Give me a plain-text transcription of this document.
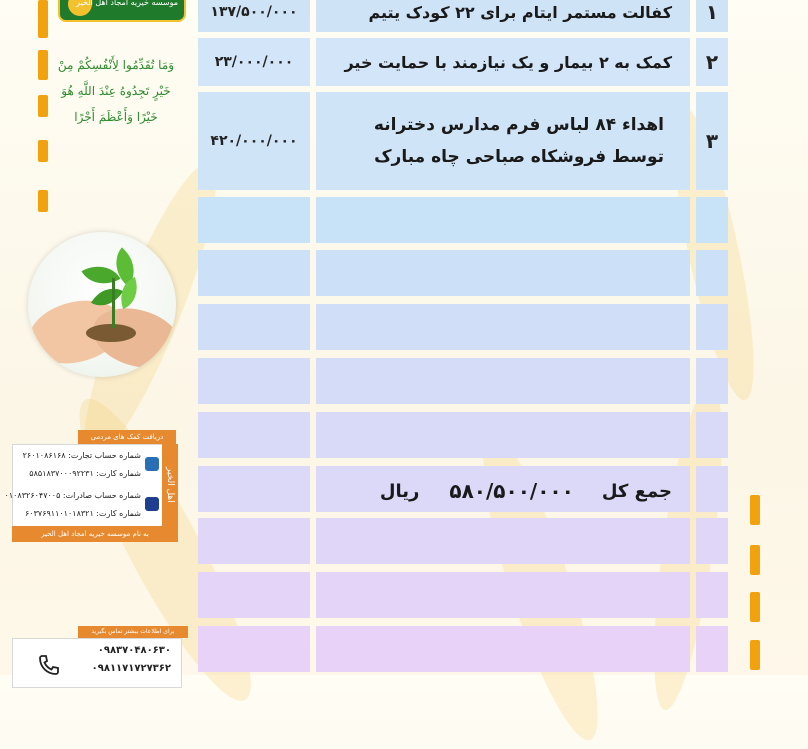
موسسه خیریه امجاد اهل الخیر
وَمَا تُقَدِّمُوا لِأَنْفُسِكُمْ مِنْ
خَيْرٍ تَجِدُوهُ عِنْدَ اللَّهِ هُوَ
خَيْرًا وَأَعْظَمَ أَجْرًا
دریافت کمک های مردمی
شماره حساب تجارت: ۲۶۰۱۰۸۶۱۶۸
شماره کارت: ۵۸۵۱۸۳۷۰۰۰۹۲۲۳۱
شماره حساب صادرات: ۰۱۰۸۳۲۶۰۴۷۰۰۵
شماره کارت: ۶۰۳۷۶۹۱۱۰۱۰۱۸۳۲۱
اهل الخیر
به نام موسسه خیریه امجاد اهل الخیر
برای اطلاعات بیشتر تماس بگیرید
۰۹۸۳۷۰۴۸۰۶۳۰
۰۹۸۱۱۷۱۷۲۷۳۶۲
۱
کفالت مستمر ایتام برای ۲۲ کودک یتیم
۱۳۷/۵۰۰/۰۰۰
۲
کمک به ۲ بیمار و یک نیازمند با حمایت خیر
۲۳/۰۰۰/۰۰۰
۳
اهداء ۸۴ لباس فرم مدارس دخترانه
توسط فروشکاه صباحی چاه مبارک
۴۲۰/۰۰۰/۰۰۰
جمع کل
۵۸۰/۵۰۰/۰۰۰
ریال
